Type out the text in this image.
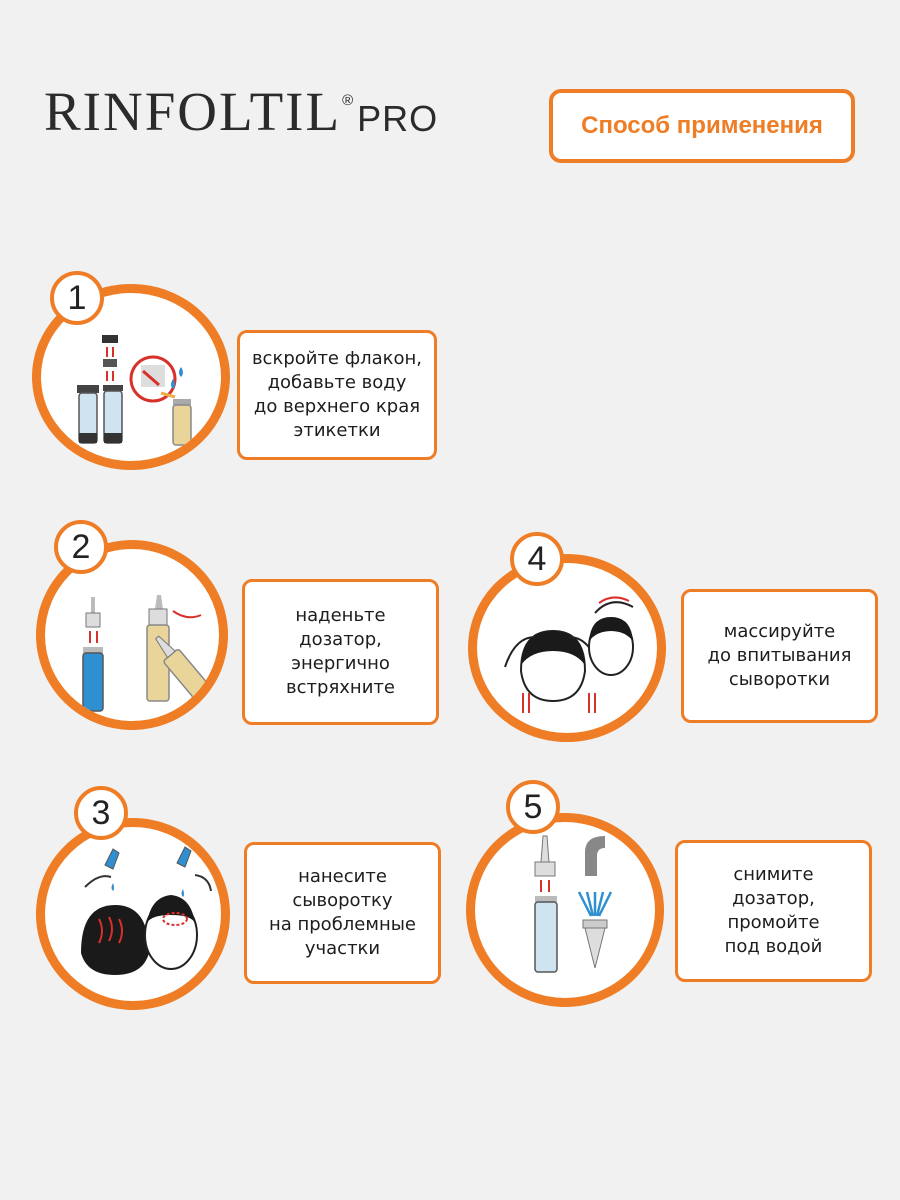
RINFOLTIL ® PRO	Способ применения
1
вскройте флакон,
добавьте воду
до верхнего края
этикетки
2
наденьте
дозатор,
энергично
встряхните
3
нанесите
сыворотку
на проблемные
участки
4
массируйте
до впитывания
сыворотки
5
снимите
дозатор,
промойте
под водой
